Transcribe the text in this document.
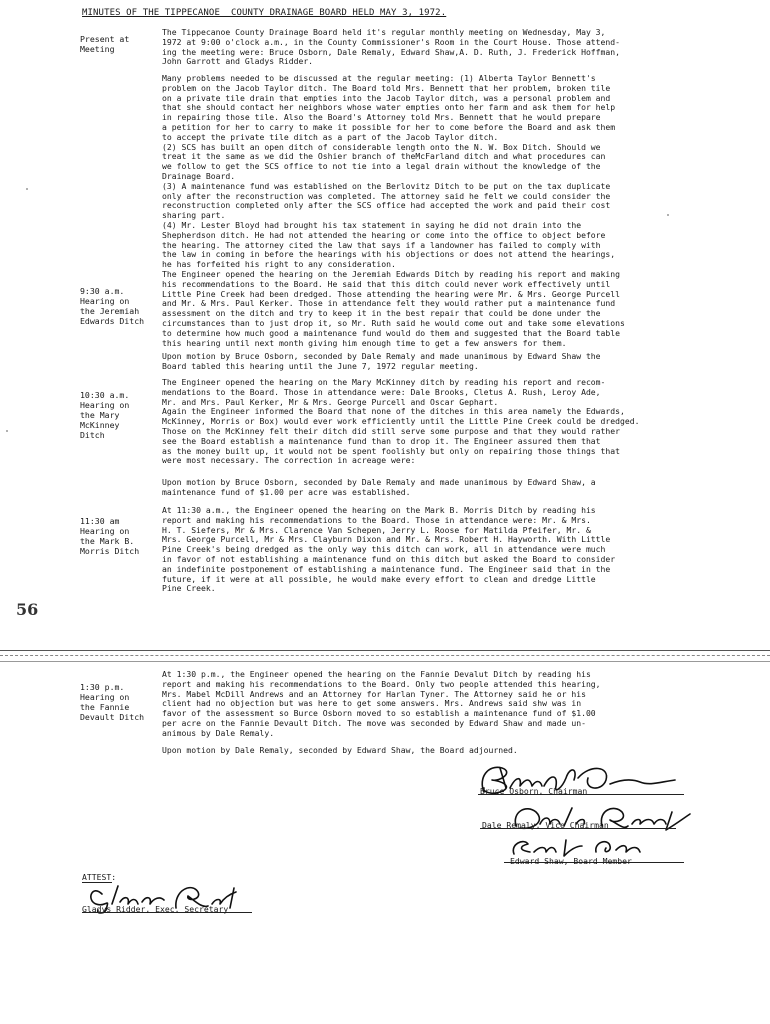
MINUTES OF THE TIPPECANOE  COUNTY DRAINAGE BOARD HELD MAY 3, 1972.
Present at
Meeting
The Tippecanoe County Drainage Board held it's regular monthly meeting on Wednesday, May 3,
1972 at 9:00 o'clock a.m., in the County Commissioner's Room in the Court House. Those attend-
ing the meeting were: Bruce Osborn, Dale Remaly, Edward Shaw,A. D. Ruth, J. Frederick Hoffman,
John Garrott and Gladys Ridder.
Many problems needed to be discussed at the regular meeting: (1) Alberta Taylor Bennett's
problem on the Jacob Taylor ditch. The Board told Mrs. Bennett that her problem, broken tile
on a private tile drain that empties into the Jacob Taylor ditch, was a personal problem and
that she should contact her neighbors whose water empties onto her farm and ask them for help
in repairing those tile. Also the Board's Attorney told Mrs. Bennett that he would prepare
a petition for her to carry to make it possible for her to come before the Board and ask them
to accept the private tile ditch as a part of the Jacob Taylor ditch.
(2) SCS has built an open ditch of considerable length onto the N. W. Box Ditch. Should we
treat it the same as we did the Oshier branch of theMcFarland ditch and what procedures can
we follow to get the SCS office to not tie into a legal drain without the knowledge of the
Drainage Board.
(3) A maintenance fund was established on the Berlovitz Ditch to be put on the tax duplicate
only after the reconstruction was completed. The attorney said he felt we could consider the
reconstruction completed only after the SCS office had accepted the work and paid their cost
sharing part.
(4) Mr. Lester Bloyd had brought his tax statement in saying he did not drain into the
Shepherdson ditch. He had not attended the hearing or come into the office to object before
the hearing. The attorney cited the law that says if a landowner has failed to comply with
the law in coming in before the hearings with his objections or does not attend the hearings,
he has forfeited his right to any consideration.
9:30 a.m.
Hearing on
the Jeremiah
Edwards Ditch
The Engineer opened the hearing on the Jeremiah Edwards Ditch by reading his report and making
his recommendations to the Board. He said that this ditch could never work effectively until
Little Pine Creek had been dredged. Those attending the hearing were Mr. & Mrs. George Purcell
and Mr. & Mrs. Paul Kerker. Those in attendance felt they would rather put a maintenance fund
assessment on the ditch and try to keep it in the best repair that could be done under the
circumstances than to just drop it, so Mr. Ruth said he would come out and take some elevations
to determine how much good a maintenance fund would do them and suggested that the Board table
this hearing until next month giving him enough time to get a few answers for them.
Upon motion by Bruce Osborn, seconded by Dale Remaly and made unanimous by Edward Shaw the
Board tabled this hearing until the June 7, 1972 regular meeting.
10:30 a.m.
Hearing on
the Mary
McKinney
Ditch
The Engineer opened the hearing on the Mary McKinney ditch by reading his report and recom-
mendations to the Board. Those in attendance were: Dale Brooks, Cletus A. Rush, Leroy Ade,
Mr. and Mrs. Paul Kerker, Mr & Mrs. George Purcell and Oscar Gephart.
Again the Engineer informed the Board that none of the ditches in this area namely the Edwards,
McKinney, Morris or Box) would ever work efficiently until the Little Pine Creek could be dredged.
Those on the McKinney felt their ditch did still serve some purpose and that they would rather
see the Board establish a maintenance fund than to drop it. The Engineer assured them that
as the money built up, it would not be spent foolishly but only on repairing those things that
were most necessary. The correction in acreage were:
Upon motion by Bruce Osborn, seconded by Dale Remaly and made unanimous by Edward Shaw, a
maintenance fund of $1.00 per acre was established.
11:30 am
Hearing on
the Mark B.
Morris Ditch
At 11:30 a.m., the Engineer opened the hearing on the Mark B. Morris Ditch by reading his
report and making his recommendations to the Board. Those in attendance were: Mr. & Mrs.
H. T. Siefers, Mr & Mrs. Clarence Van Schepen, Jerry L. Roose for Matilda Pfeifer, Mr. &
Mrs. George Purcell, Mr & Mrs. Clayburn Dixon and Mr. & Mrs. Robert H. Hayworth. With Little
Pine Creek's being dredged as the only way this ditch can work, all in attendance were much
in favor of not establishing a maintenance fund on this ditch but asked the Board to consider
an indefinite postponement of establishing a maintenance fund. The Engineer said that in the
future, if it were at all possible, he would make every effort to clean and dredge Little
Pine Creek.
56
1:30 p.m.
Hearing on
the Fannie
Devault Ditch
At 1:30 p.m., the Engineer opened the hearing on the Fannie Devalut Ditch by reading his
report and making his recommendations to the Board. Only two people attended this hearing,
Mrs. Mabel McDill Andrews and an Attorney for Harlan Tyner. The Attorney said he or his
client had no objection but was here to get some answers. Mrs. Andrews said shw was in
favor of the assessment so Burce Osborn moved to so establish a maintenance fund of $1.00
per acre on the Fannie Devault Ditch. The move was seconded by Edward Shaw and made un-
animous by Dale Remaly.
Upon motion by Dale Remaly, seconded by Edward Shaw, the Board adjourned.
Bruce Osborn, Chairman
Dale Remaly, Vice Chairman
Edward Shaw, Board Member
ATTEST:
Gladys Ridder, Exec. Secretary
